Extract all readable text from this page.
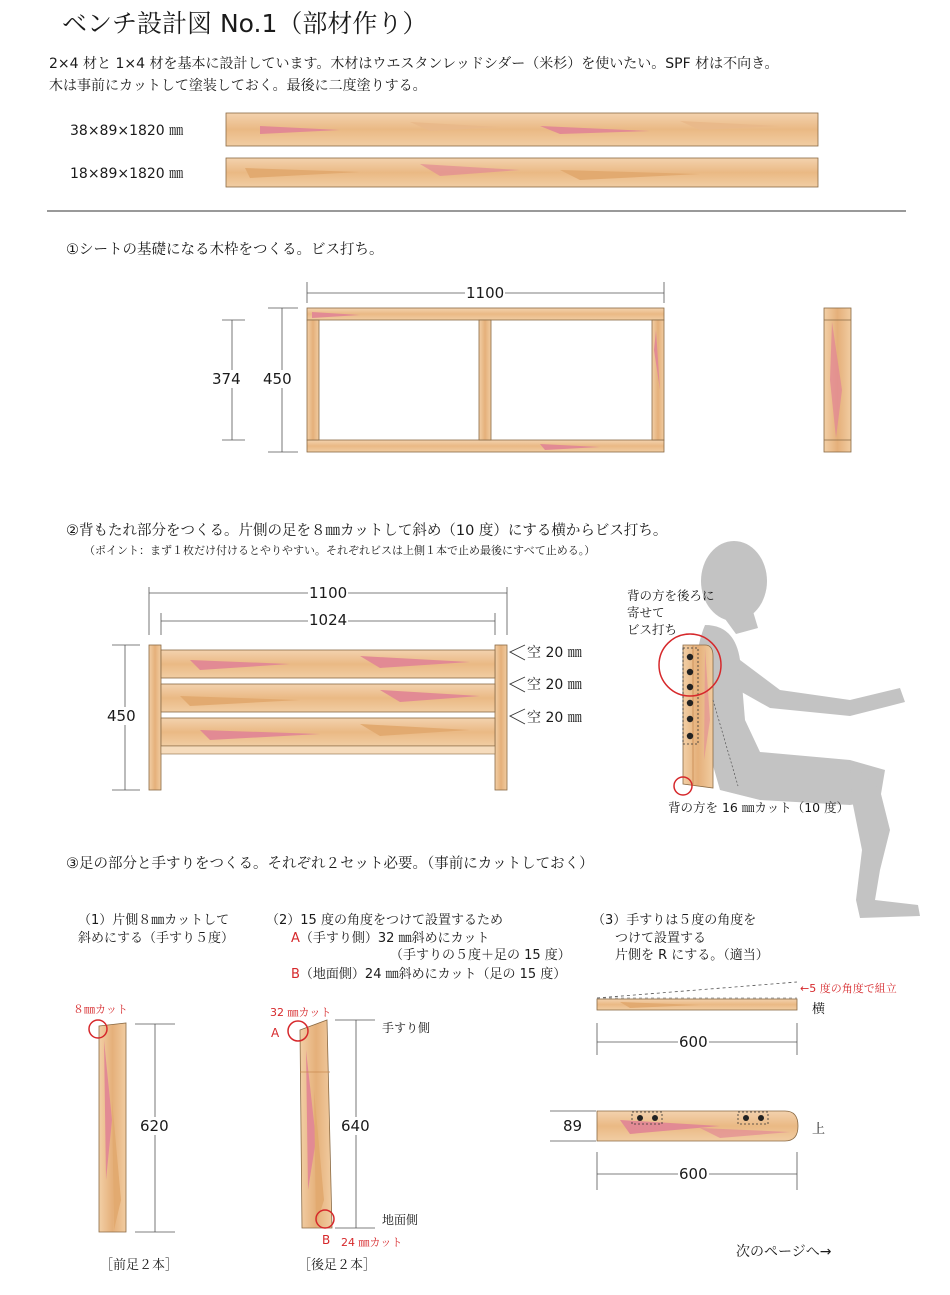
ベンチ設計図 No.1（部材作り）
2×4 材と 1×4 材を基本に設計しています。木材はウエスタンレッドシダー（米杉）を使いたい。SPF 材は不向き。
木は事前にカットして塗装しておく。最後に二度塗りする。
38×89×1820 ㎜
18×89×1820 ㎜
①シートの基礎になる木枠をつくる。ビス打ち。
1100
374 450
②背もたれ部分をつくる。片側の足を８㎜カットして斜め（10 度）にする横からビス打ち。
（ポイント：まず１枚だけ付けるとやりやすい。それぞれビスは上側１本で止め最後にすべて止める。）
1100
1024
450
空 20 ㎜
空 20 ㎜
空 20 ㎜
背の方を後ろに
寄せて
ビス打ち
背の方を 16 ㎜カット（10 度）
③足の部分と手すりをつくる。それぞれ２セット必要。（事前にカットしておく）
（1）片側８㎜カットして
斜めにする（手すり５度）
（2）15 度の角度をつけて設置するため
A（手すり側）32 ㎜斜めにカット
（手すりの５度＋足の 15 度）
B（地面側）24 ㎜斜めにカット（足の 15 度）
（3）手すりは５度の角度を
つけて設置する
片側を R にする。（適当）
８㎜カット
620
［前足２本］
32 ㎜カット
A	手すり側
640
地面側
B 24 ㎜カット
［後足２本］
←5 度の角度で組立
横
600
89	上
600
次のページへ→
